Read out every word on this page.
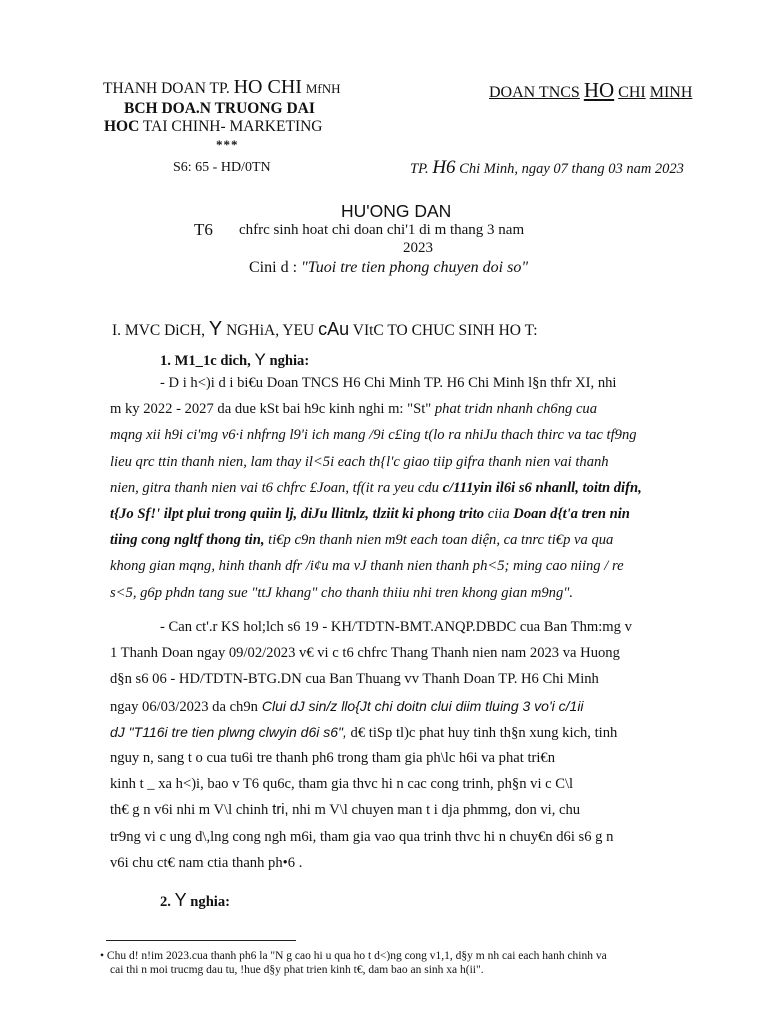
THANH DOAN TP. HO CHI MfNH
BCH DOA.N TRUONG DAI
HOC TAI CHINH- MARKETING
***
S6: 65 - HD/0TN
DOAN TNCS HO CHI MINH
TP. H6 Chi Minh, ngay 07 thang 03 nam 2023
HU'ONG DAN
T6 chfrc sinh hoat chi doan chi'1 di m thang 3 nam
2023
Cini d : "Tuoi tre tien phong chuyen doi so"
I. MVC DiCH, Y NGHiA, YEU cAu VItC TO CHUC SINH HO T:
1. M1_1c dich, Y nghia:
- D i h<)i d i bi€u Doan TNCS H6 Chi Minh TP. H6 Chi Minh l§n thfr XI, nhi
m ky 2022 - 2027 da due kSt bai h9c kinh nghi m: "St" phat tridn nhanh ch6ng cua
mqng xii h9i ci'mg v6·i nhfrng l9'i ich mang /9i c£ing t(lo ra nhiJu thach thirc va tac tf9ng
lieu qrc ttin thanh nien, lam thay il<5i each th{l'c giao tiip gifra thanh nien vai thanh
nien, gitra thanh nien vai t6 chfrc £Joan, tf(it ra yeu cdu c/111yin il6i s6 nhanll, toitn difn,
t{Jo Sf!' ilpt plui trong quiin lj, diJu llitnlz, tlziit ki phong trito ciia Doan d{t'a tren nin
tiing cong ngltf thong tin, ti€p c9n thanh nien m9t each toan diện, ca tnrc ti€p va qua
khong gian mqng, hinh thanh dfr /i¢u ma vJ thanh nien thanh ph<5; ming cao niing / re
s<5, g6p phdn tang sue "ttJ khang" cho thanh thiiu nhi tren khong gian m9ng".
- Can ct'.r KS hol;lch s6 19 - KH/TDTN-BMT.ANQP.DBDC cua Ban Thm:mg v
1 Thanh Doan ngay 09/02/2023 v€ vi c t6 chfrc Thang Thanh nien nam 2023 va Huong
d§n s6 06 - HD/TDTN-BTG.DN cua Ban Thuang vv Thanh Doan TP. H6 Chi Minh
ngay 06/03/2023 da ch9n Clui dJ sin/z llo{Jt chi doitn clui diim tluing 3 vo'i c/1ii
dJ "T116i tre tien plwng clwyin d6i s6", d€ tiSp tl)c phat huy tinh th§n xung kich, tinh
nguy n, sang t o cua tu6i tre thanh ph6 trong tham gia ph\lc h6i va phat tri€n
kinh t _ xa h<)i, bao v T6 qu6c, tham gia thvc hi n cac cong trinh, ph§n vi c C\l
th€ g n v6i nhi m V\l chinh tri, nhi m V\l chuyen man t i dja phmmg, don vi, chu
tr9ng vi c ung d\,lng cong ngh m6i, tham gia vao qua trinh thvc hi n chuy€n d6i s6 g n
v6i chu ct€ nam ctia thanh ph•6 .
2. Y nghia:
• Chu d! n!im 2023.cua thanh ph6 la "N g cao hi u qua ho t d<)ng cong v1,1, d§y m nh cai each hanh chinh va
cai thi n moi trucmg dau tu, !hue d§y phat trien kinh t€, dam bao an sinh xa h(ii".
